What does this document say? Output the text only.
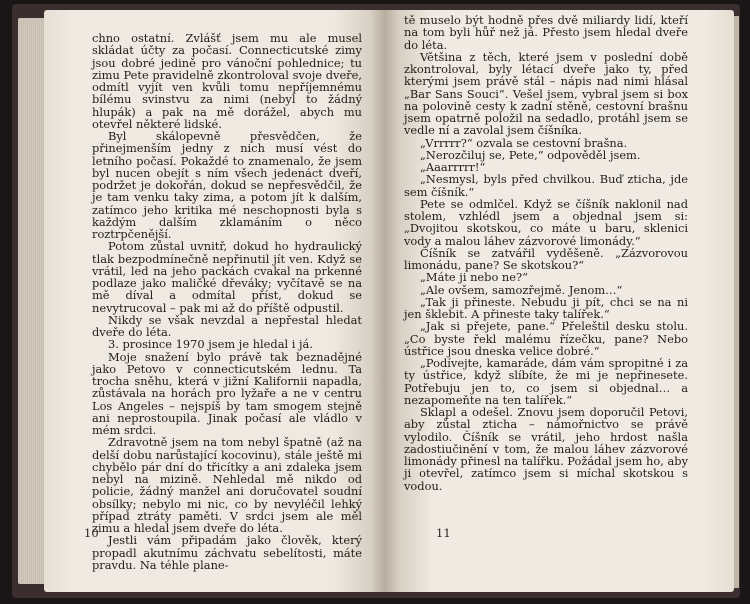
chno ostatní. Zvlášť jsem mu ale musel skládat účty za počasí. Connecticutské zimy jsou dobré jedině pro vánoční pohlednice; tu zimu Pete pravidelně zkontroloval svoje dveře, odmítl vyjít ven kvůli tomu nepříjemnému bílému svinstvu za nimi (nebyl to žádný hlupák) a pak na mě dorážel, abych mu otevřel některé lidské.

Byl skálopevně přesvědčen, že přinejmenším jedny z nich musí vést do letního počasí. Pokaždé to znamenalo, že jsem byl nucen obejít s ním všech jedenáct dveří, podržet je dokořán, dokud se nepřesvědčil, že je tam venku taky zima, a potom jít k dalším, zatímco jeho kritika mé neschopnosti byla s každým dalším zklamáním o něco roztrpčenější.

Potom zůstal uvnitř, dokud ho hydraulický tlak bezpodmínečně nepřinutil jít ven. Když se vrátil, led na jeho packách cvakal na prkenné podlaze jako maličké dřeváky; vyčítavě se na mě díval a odmítal příst, dokud se nevytrucoval – pak mi až do příště odpustil.

Nikdy se však nevzdal a nepřestal hledat dveře do léta.

3. prosince 1970 jsem je hledal i já.

Moje snažení bylo právě tak beznadějné jako Petovo v connecticutském lednu. Ta trocha sněhu, která v jižní Kalifornii napadla, zůstávala na horách pro lyžaře a ne v centru Los Angeles – nejspíš by tam smogem stejně ani neprostoupila. Jinak počasí ale vládlo v mém srdci.

Zdravotně jsem na tom nebyl špatně (až na delší dobu narůstající kocovinu), stále ještě mi chybělo pár dní do třicítky a ani zdaleka jsem nebyl na mizině. Nehledal mě nikdo od policie, žádný manžel ani doručovatel soudní obsílky; nebylo mi nic, co by nevyléčil lehký případ ztráty paměti. V srdci jsem ale měl zimu a hledal jsem dveře do léta.

Jestli vám připadám jako člověk, který propadl akutnímu záchvatu sebelítosti, máte pravdu. Na téhle plane-

10

tě muselo být hodně přes dvě miliardy lidí, kteří na tom byli hůř než já. Přesto jsem hledal dveře do léta.

Většina z těch, které jsem v poslední době zkontroloval, byly létací dveře jako ty, před kterými jsem právě stál – nápis nad nimi hlásal „Bar Sans Souci“. Vešel jsem, vybral jsem si box na polovině cesty k zadní stěně, cestovní brašnu jsem opatrně položil na sedadlo, protáhl jsem se vedle ní a zavolal jsem číšníka.

„Vrrrrr?“ ozvala se cestovní brašna.

„Nerozčiluj se, Pete,“ odpověděl jsem.

„Aaarrrrr!“

„Nesmysl, byls před chvilkou. Buď zticha, jde sem číšník.“

Pete se odmlčel. Když se číšník naklonil nad stolem, vzhlédl jsem a objednal jsem si: „Dvojitou skotskou, co máte u baru, sklenici vody a malou láhev zázvorové limonády.“

Číšník se zatvářil vyděšeně. „Zázvorovou limonádu, pane? Se skotskou?“

„Máte ji nebo ne?“

„Ale ovšem, samozřejmě. Jenom…“

„Tak ji přineste. Nebudu ji pít, chci se na ni jen šklebit. A přineste taky talířek.“

„Jak si přejete, pane.“ Přeleštil desku stolu. „Co byste řekl malému řízečku, pane? Nebo ústřice jsou dneska velice dobré.“

„Podívejte, kamaráde, dám vám spropitné i za ty ústřice, když slíbíte, že mi je nepřinesete. Potřebuju jen to, co jsem si objednal… a nezapomeňte na ten talířek.“

Sklapl a odešel. Znovu jsem doporučil Petovi, aby zůstal zticha – námořnictvo se právě vylodilo. Číšník se vrátil, jeho hrdost našla zadostiučinění v tom, že malou láhev zázvorové limonády přinesl na talířku. Požádal jsem ho, aby ji otevřel, zatímco jsem si míchal skotskou s vodou.

11
